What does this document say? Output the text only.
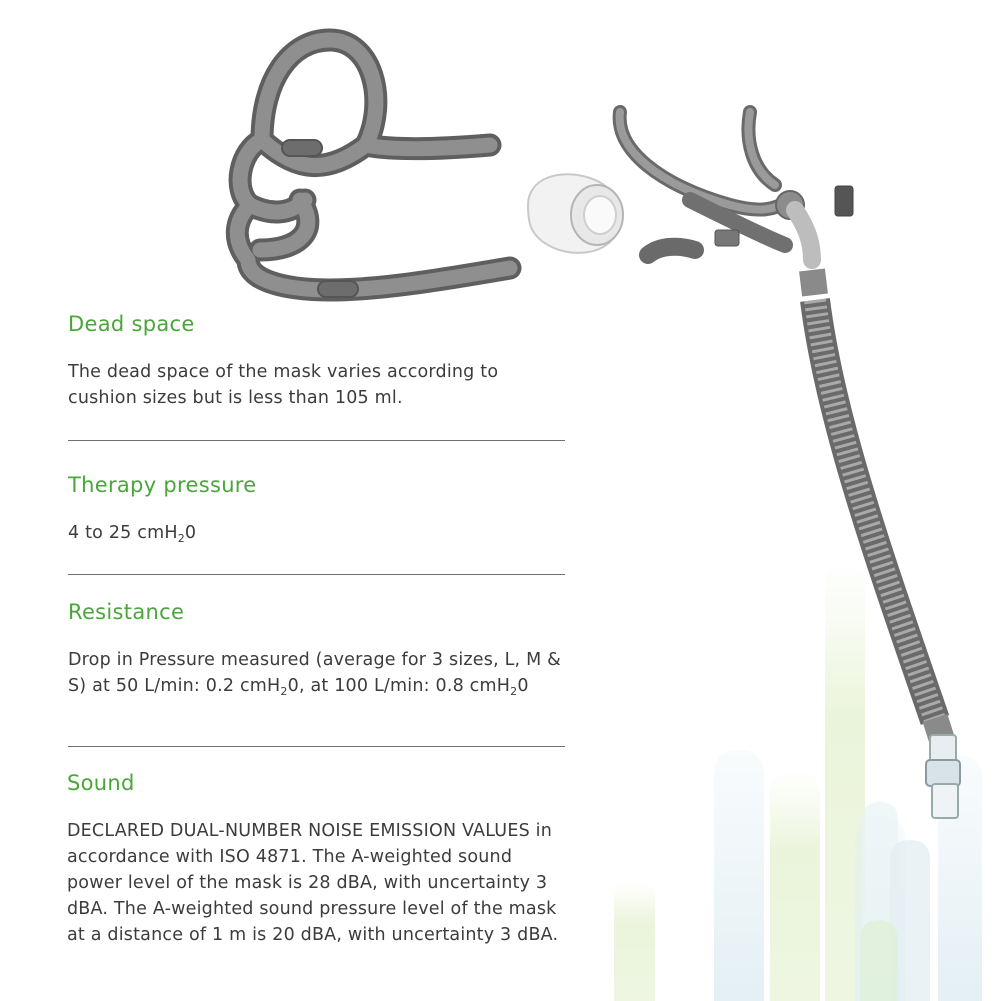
Dead space

The dead space of the mask varies according to cushion sizes but is less than 105 ml.

Therapy pressure

4 to 25 cmH$_2$0

Resistance

Drop in Pressure measured (average for 3 sizes, L, M & S) at 50 L/min: 0.2 cmH$_2$0, at 100 L/min: 0.8 cmH$_2$0

Sound

DECLARED DUAL-NUMBER NOISE EMISSION VALUES in accordance with ISO 4871. The A-weighted sound power level of the mask is 28 dBA, with uncertainty 3 dBA. The A-weighted sound pressure level of the mask at a distance of 1 m is 20 dBA, with uncertainty 3 dBA.
